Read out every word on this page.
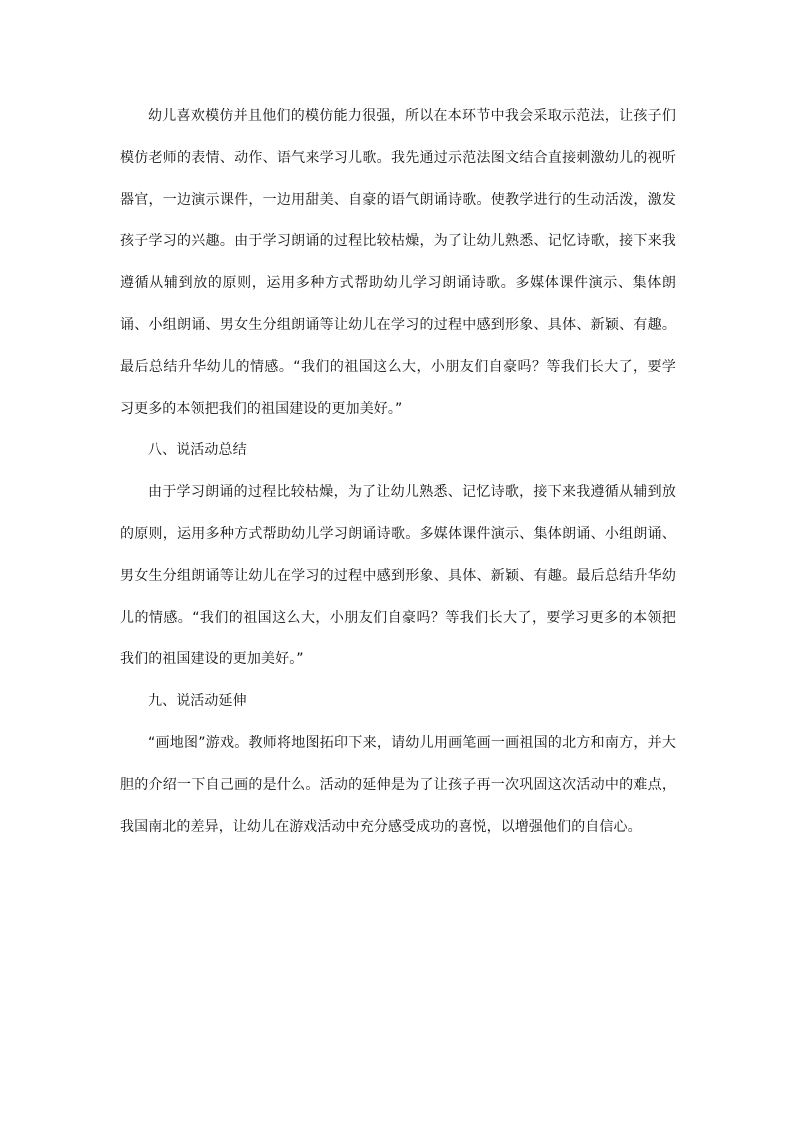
幼儿喜欢模仿并且他们的模仿能力很强，所以在本环节中我会采取示范法，让孩子们模仿老师的表情、动作、语气来学习儿歌。我先通过示范法图文结合直接刺激幼儿的视听器官，一边演示课件，一边用甜美、自豪的语气朗诵诗歌。使教学进行的生动活泼，激发孩子学习的兴趣。由于学习朗诵的过程比较枯燥，为了让幼儿熟悉、记忆诗歌，接下来我遵循从辅到放的原则，运用多种方式帮助幼儿学习朗诵诗歌。多媒体课件演示、集体朗诵、小组朗诵、男女生分组朗诵等让幼儿在学习的过程中感到形象、具体、新颖、有趣。最后总结升华幼儿的情感。“我们的祖国这么大，小朋友们自豪吗？等我们长大了，要学习更多的本领把我们的祖国建设的更加美好。”

八、说活动总结

由于学习朗诵的过程比较枯燥，为了让幼儿熟悉、记忆诗歌，接下来我遵循从辅到放的原则，运用多种方式帮助幼儿学习朗诵诗歌。多媒体课件演示、集体朗诵、小组朗诵、男女生分组朗诵等让幼儿在学习的过程中感到形象、具体、新颖、有趣。最后总结升华幼儿的情感。“我们的祖国这么大，小朋友们自豪吗？等我们长大了，要学习更多的本领把我们的祖国建设的更加美好。”

九、说活动延伸

“画地图”游戏。教师将地图拓印下来，请幼儿用画笔画一画祖国的北方和南方，并大胆的介绍一下自己画的是什么。活动的延伸是为了让孩子再一次巩固这次活动中的难点，我国南北的差异，让幼儿在游戏活动中充分感受成功的喜悦，以增强他们的自信心。
